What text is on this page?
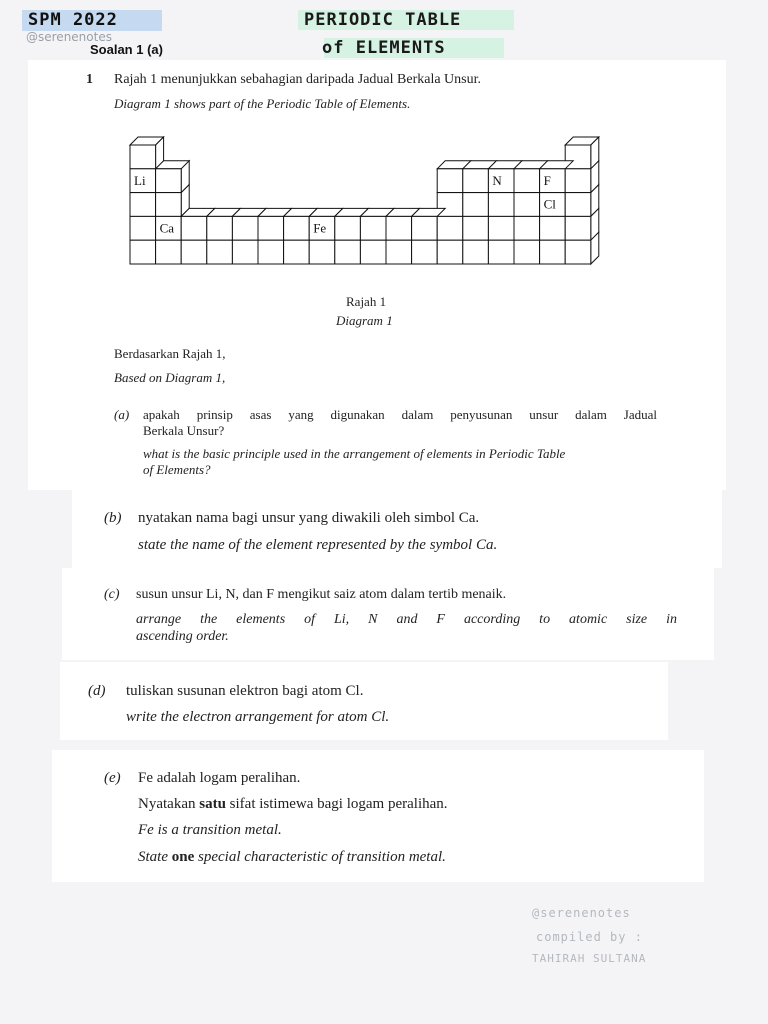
SPM 2022
@serenenotes
PERIODIC TABLE
of ELEMENTS
Soalan 1 (a)
1 Rajah 1 menunjukkan sebahagian daripada Jadual Berkala Unsur.
Diagram 1 shows part of the Periodic Table of Elements.
Li	N	F
Cl
Ca	Fe
Rajah 1
Diagram 1
Berdasarkan Rajah 1,
Based on Diagram 1,
(a) apakah prinsip asas yang digunakan dalam penyusunan unsur dalam Jadual
Berkala Unsur?
what is the basic principle used in the arrangement of elements in Periodic Table
of Elements?
(b) nyatakan nama bagi unsur yang diwakili oleh simbol Ca.
state the name of the element represented by the symbol Ca.
(c) susun unsur Li, N, dan F mengikut saiz atom dalam tertib menaik.
arrange the elements of Li, N and F according to atomic size in
ascending order.
(d) tuliskan susunan elektron bagi atom Cl.
write the electron arrangement for atom Cl.
(e) Fe adalah logam peralihan.
Nyatakan satu sifat istimewa bagi logam peralihan.
Fe is a transition metal.
State one special characteristic of transition metal.
@serenenotes
compiled by :
TAHIRAH SULTANA
